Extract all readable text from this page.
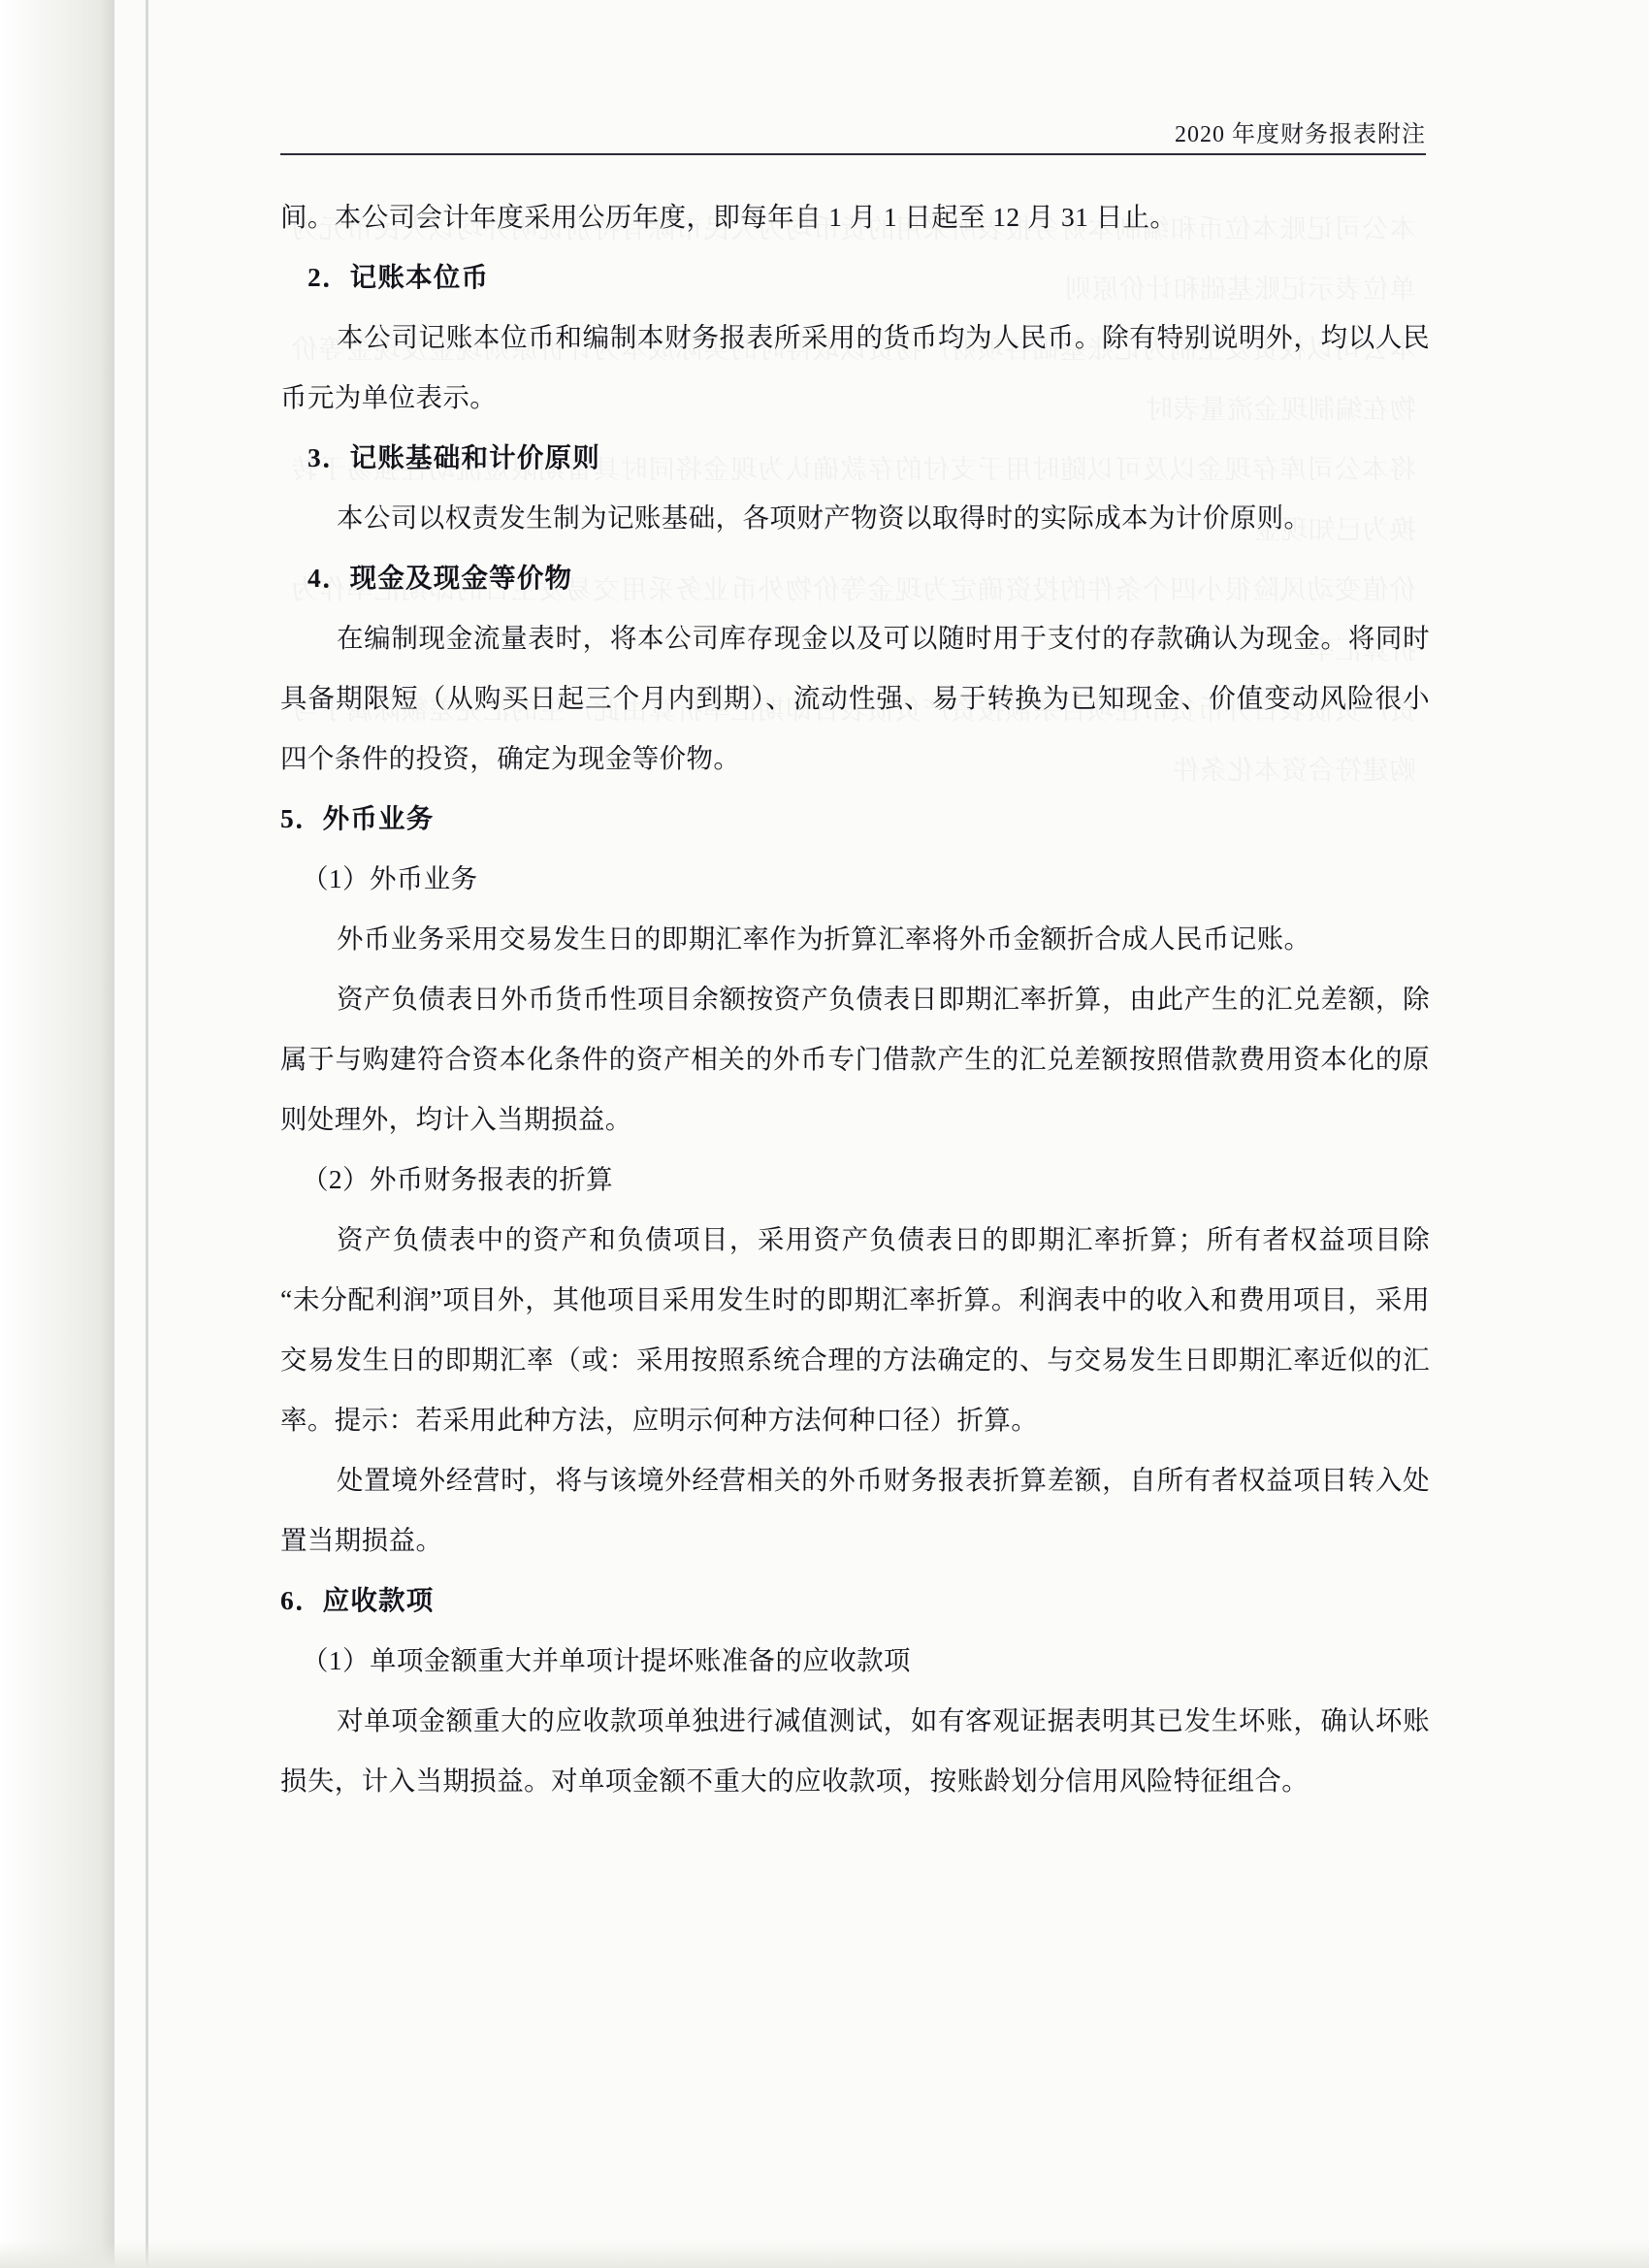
2020 年度财务报表附注

间。本公司会计年度采用公历年度，即每年自 1 月 1 日起至 12 月 31 日止。

2．记账本位币

本公司记账本位币和编制本财务报表所采用的货币均为人民币。除有特别说明外，均以人民币元为单位表示。

3．记账基础和计价原则

本公司以权责发生制为记账基础，各项财产物资以取得时的实际成本为计价原则。

4．现金及现金等价物

在编制现金流量表时，将本公司库存现金以及可以随时用于支付的存款确认为现金。将同时具备期限短（从购买日起三个月内到期）、流动性强、易于转换为已知现金、价值变动风险很小四个条件的投资，确定为现金等价物。

5．外币业务

（1）外币业务

外币业务采用交易发生日的即期汇率作为折算汇率将外币金额折合成人民币记账。

资产负债表日外币货币性项目余额按资产负债表日即期汇率折算，由此产生的汇兑差额，除属于与购建符合资本化条件的资产相关的外币专门借款产生的汇兑差额按照借款费用资本化的原则处理外，均计入当期损益。

（2）外币财务报表的折算

资产负债表中的资产和负债项目，采用资产负债表日的即期汇率折算；所有者权益项目除“未分配利润”项目外，其他项目采用发生时的即期汇率折算。利润表中的收入和费用项目，采用交易发生日的即期汇率（或：采用按照系统合理的方法确定的、与交易发生日即期汇率近似的汇率。提示：若采用此种方法，应明示何种方法何种口径）折算。

处置境外经营时，将与该境外经营相关的外币财务报表折算差额，自所有者权益项目转入处置当期损益。

6．应收款项

（1）单项金额重大并单项计提坏账准备的应收款项

对单项金额重大的应收款项单独进行减值测试，如有客观证据表明其已发生坏账，确认坏账损失，计入当期损益。对单项金额不重大的应收款项，按账龄划分信用风险特征组合。
